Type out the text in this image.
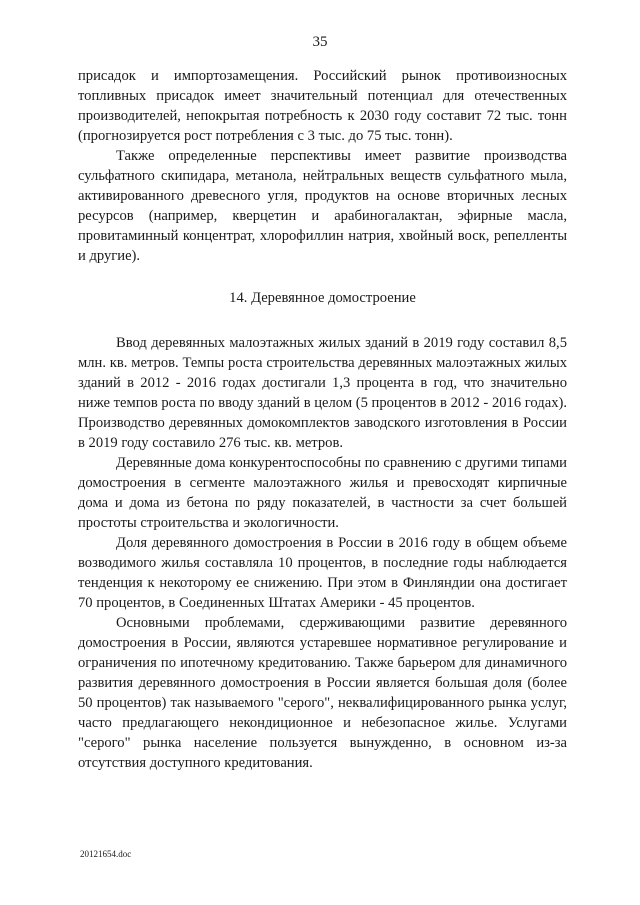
35

присадок и импортозамещения. Российский рынок противоизносных топливных присадок имеет значительный потенциал для отечественных производителей, непокрытая потребность к 2030 году составит 72 тыс. тонн (прогнозируется рост потребления с 3 тыс. до 75 тыс. тонн).

Также определенные перспективы имеет развитие производства сульфатного скипидара, метанола, нейтральных веществ сульфатного мыла, активированного древесного угля, продуктов на основе вторичных лесных ресурсов (например, кверцетин и арабиногалактан, эфирные масла, провитаминный концентрат, хлорофиллин натрия, хвойный воск, репелленты и другие).

14. Деревянное домостроение

Ввод деревянных малоэтажных жилых зданий в 2019 году составил 8,5 млн. кв. метров. Темпы роста строительства деревянных малоэтажных жилых зданий в 2012 - 2016 годах достигали 1,3 процента в год, что значительно ниже темпов роста по вводу зданий в целом (5 процентов в 2012 - 2016 годах). Производство деревянных домокомплектов заводского изготовления в России в 2019 году составило 276 тыс. кв. метров.

Деревянные дома конкурентоспособны по сравнению с другими типами домостроения в сегменте малоэтажного жилья и превосходят кирпичные дома и дома из бетона по ряду показателей, в частности за счет большей простоты строительства и экологичности.

Доля деревянного домостроения в России в 2016 году в общем объеме возводимого жилья составляла 10 процентов, в последние годы наблюдается тенденция к некоторому ее снижению. При этом в Финляндии она достигает 70 процентов, в Соединенных Штатах Америки - 45 процентов.

Основными проблемами, сдерживающими развитие деревянного домостроения в России, являются устаревшее нормативное регулирование и ограничения по ипотечному кредитованию. Также барьером для динамичного развития деревянного домостроения в России является большая доля (более 50 процентов) так называемого "серого", неквалифицированного рынка услуг, часто предлагающего некондиционное и небезопасное жилье. Услугами "серого" рынка население пользуется вынужденно, в основном из-за отсутствия доступного кредитования.

20121654.doc
